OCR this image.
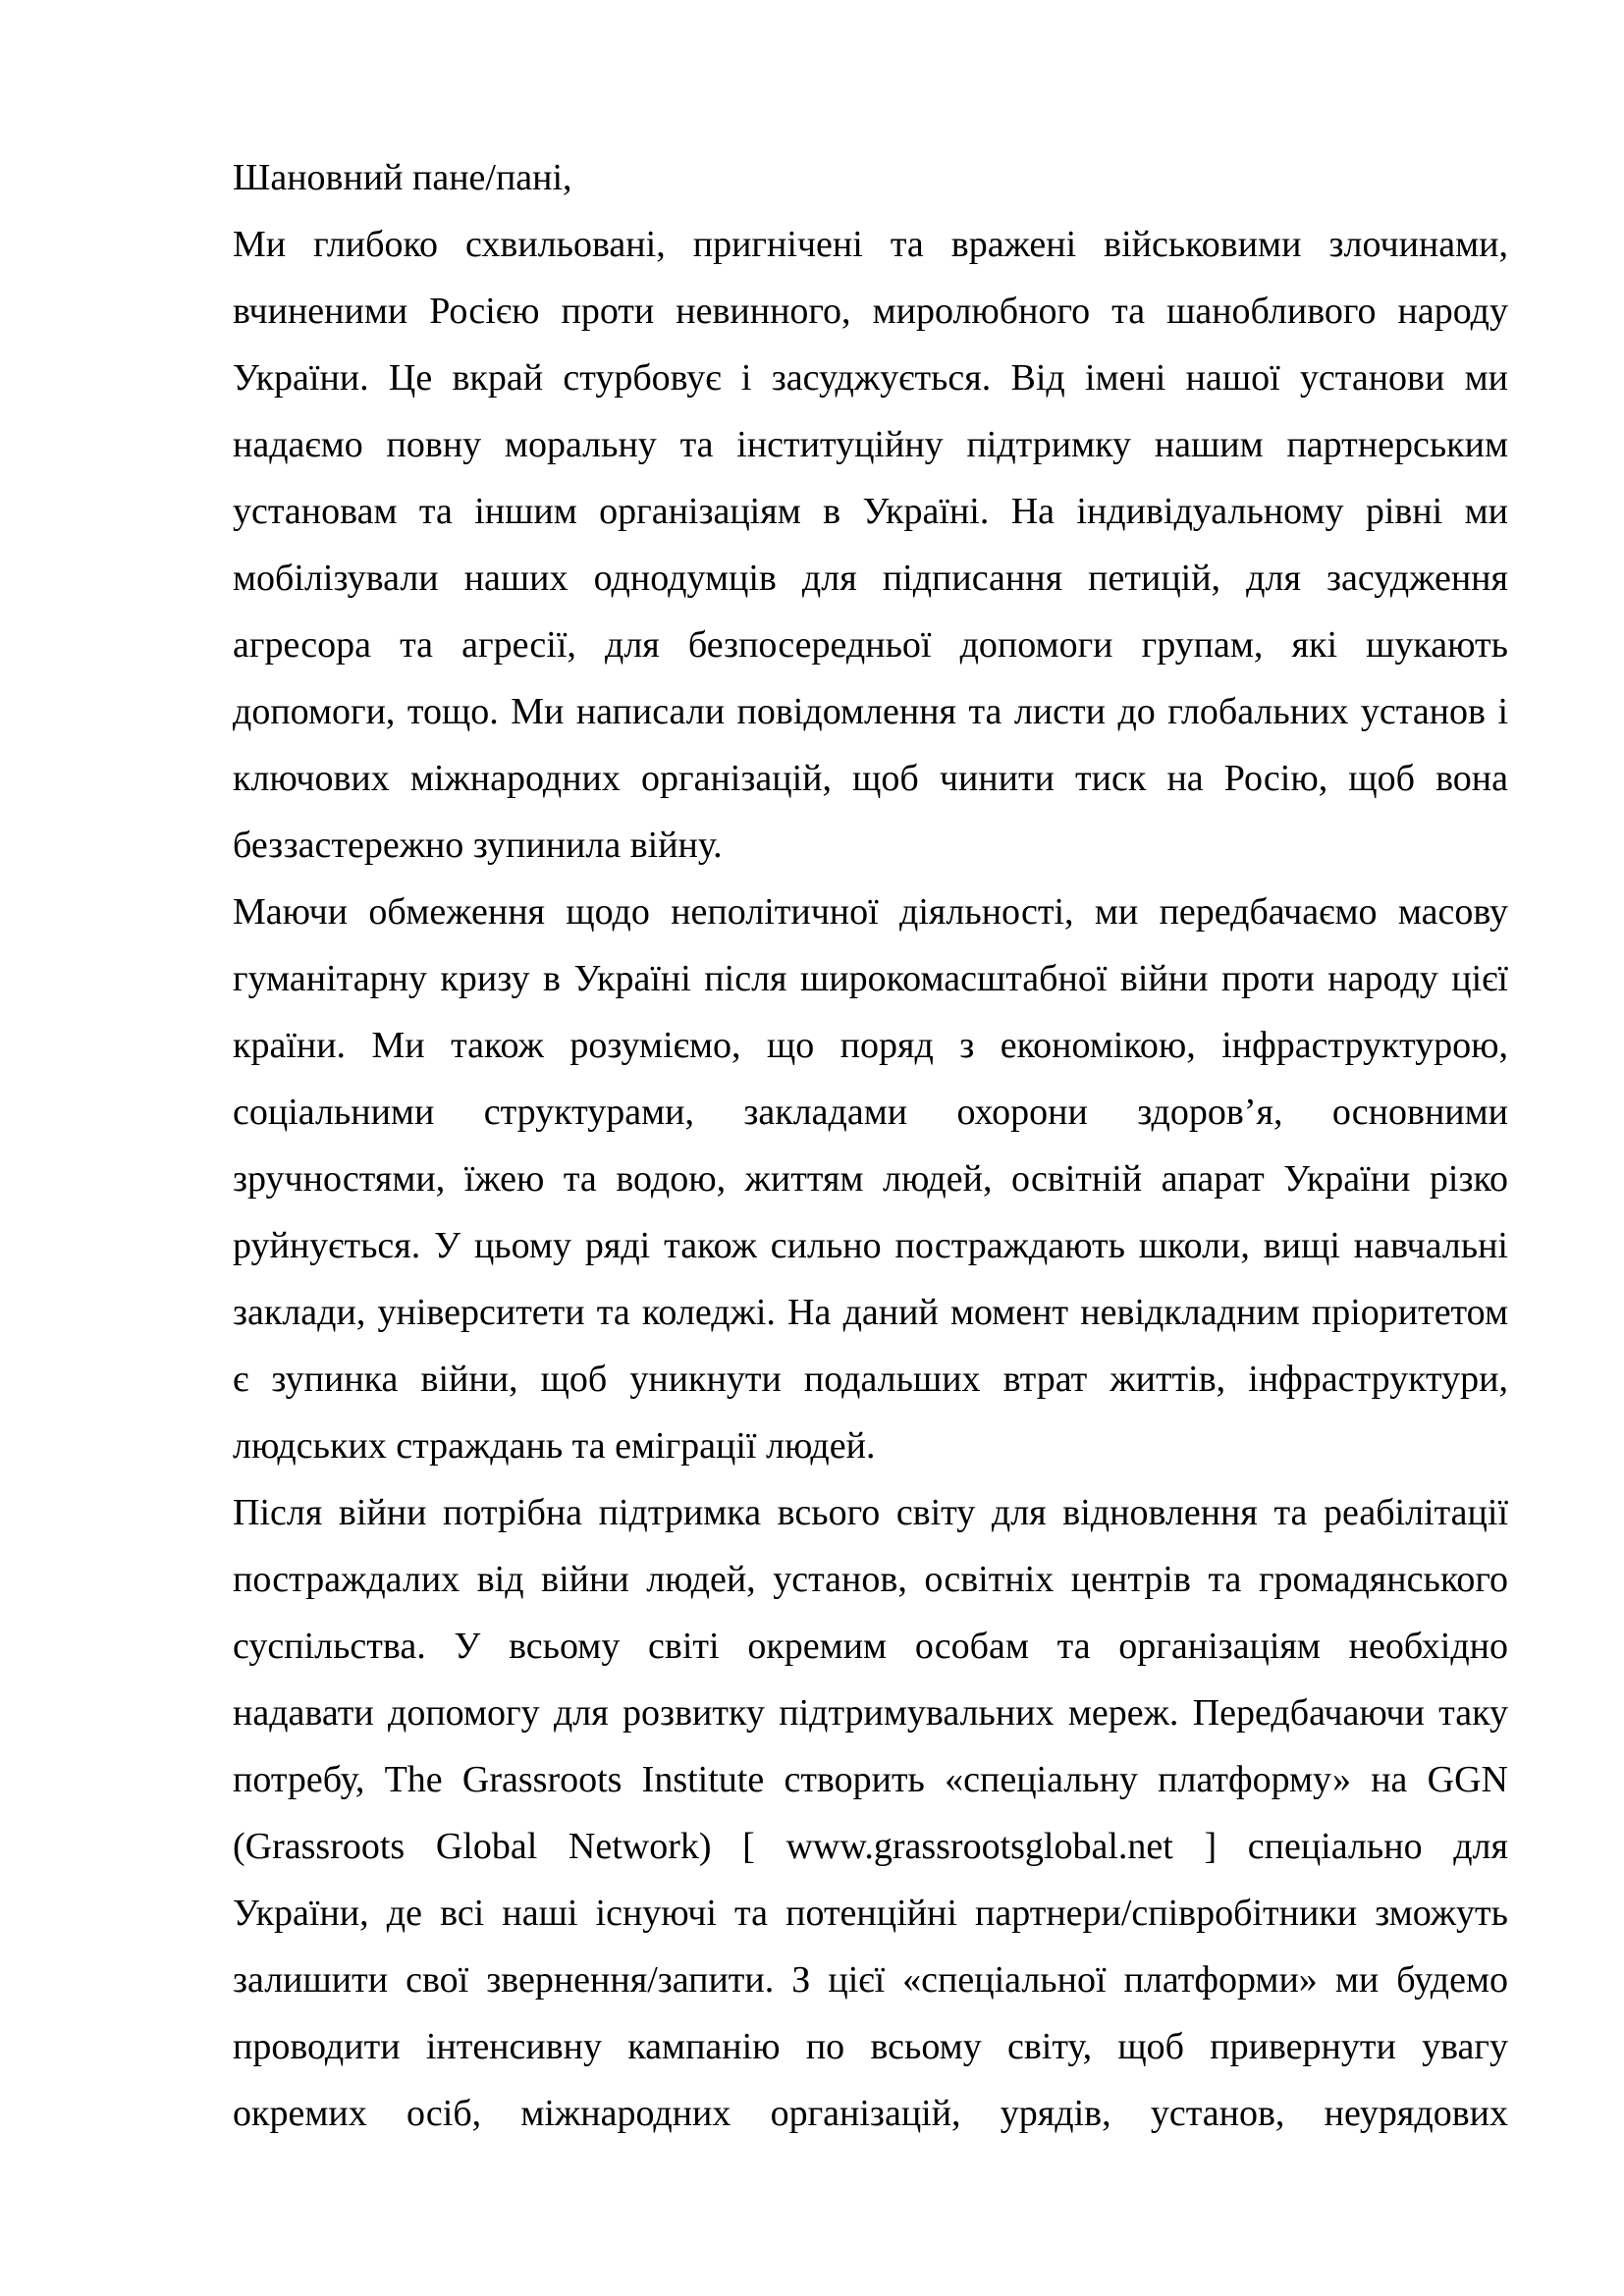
Шановний пане/пані,
Ми глибоко схвильовані, пригнічені та вражені військовими злочинами,
вчиненими Росією проти невинного, миролюбного та шанобливого народу
України. Це вкрай стурбовує і засуджується. Від імені нашої установи ми
надаємо повну моральну та інституційну підтримку нашим партнерським
установам та іншим організаціям в Україні. На індивідуальному рівні ми
мобілізували наших однодумців для підписання петицій, для засудження
агресора та агресії, для безпосередньої допомоги групам, які шукають
допомоги, тощо. Ми написали повідомлення та листи до глобальних установ і
ключових міжнародних організацій, щоб чинити тиск на Росію, щоб вона
беззастережно зупинила війну.
Маючи обмеження щодо неполітичної діяльності, ми передбачаємо масову
гуманітарну кризу в Україні після широкомасштабної війни проти народу цієї
країни. Ми також розуміємо, що поряд з економікою, інфраструктурою,
соціальними структурами, закладами охорони здоров’я, основними
зручностями, їжею та водою, життям людей, освітній апарат України різко
руйнується. У цьому ряді також сильно постраждають школи, вищі навчальні
заклади, університети та коледжі. На даний момент невідкладним пріоритетом
є зупинка війни, щоб уникнути подальших втрат життів, інфраструктури,
людських страждань та еміграції людей.
Після війни потрібна підтримка всього світу для відновлення та реабілітації
постраждалих від війни людей, установ, освітніх центрів та громадянського
суспільства. У всьому світі окремим особам та організаціям необхідно
надавати допомогу для розвитку підтримувальних мереж. Передбачаючи таку
потребу, The Grassroots Institute створить «спеціальну платформу» на GGN
(Grassroots Global Network) [ www.grassrootsglobal.net ] спеціально для
України, де всі наші існуючі та потенційні партнери/співробітники зможуть
залишити свої звернення/запити. З цієї «спеціальної платформи» ми будемо
проводити інтенсивну кампанію по всьому світу, щоб привернути увагу
окремих осіб, міжнародних організацій, урядів, установ, неурядових
